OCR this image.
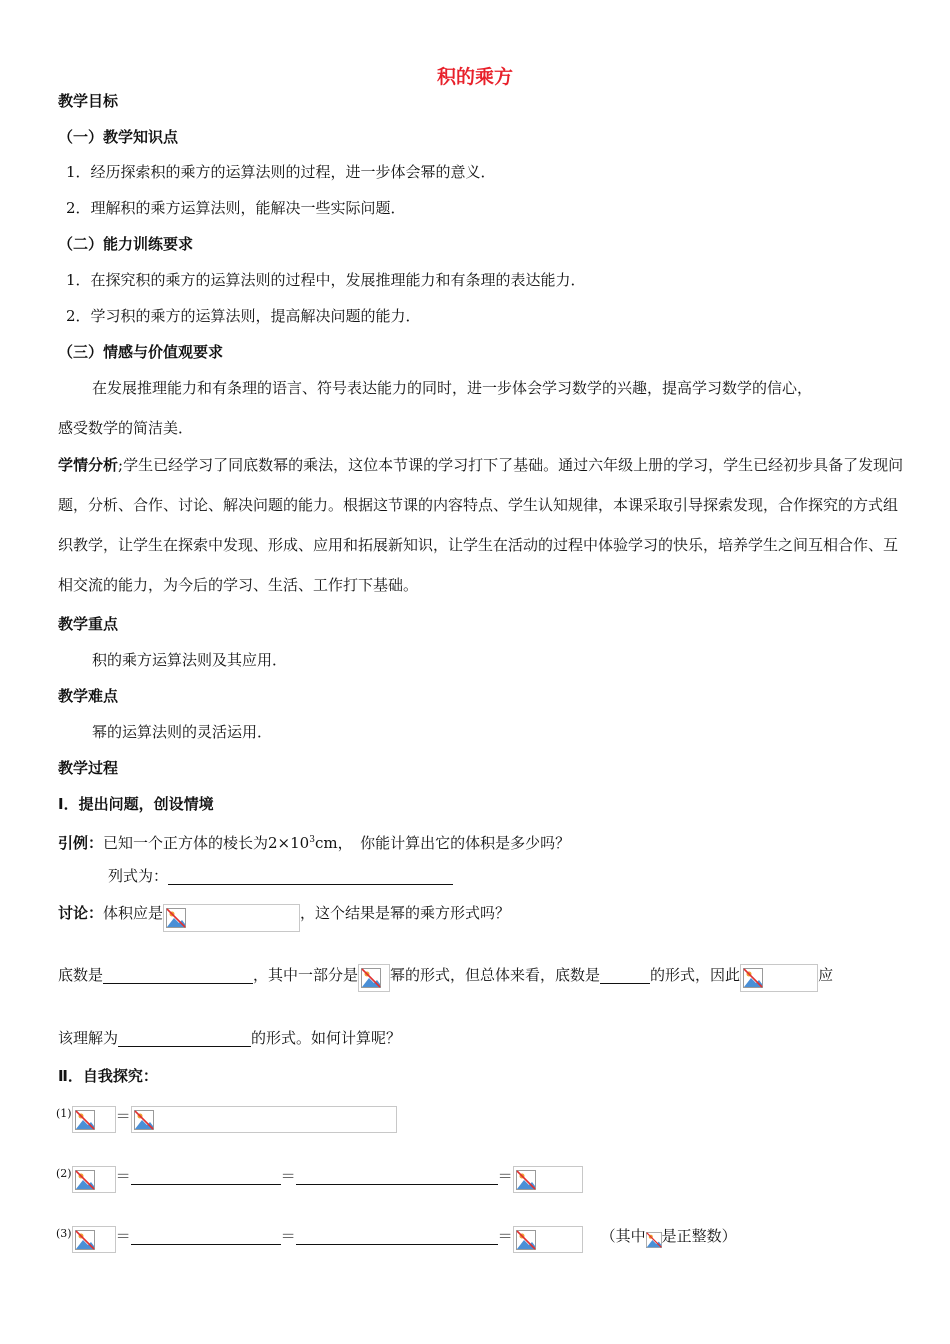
积的乘方
教学目标
（一）教学知识点
1．经历探索积的乘方的运算法则的过程，进一步体会幂的意义．
2．理解积的乘方运算法则，能解决一些实际问题．
（二）能力训练要求
1．在探究积的乘方的运算法则的过程中，发展推理能力和有条理的表达能力．
2．学习积的乘方的运算法则，提高解决问题的能力．
（三）情感与价值观要求
在发展推理能力和有条理的语言、符号表达能力的同时，进一步体会学习数学的兴趣，提高学习数学的信心，
感受数学的简洁美．
学情分析;学生已经学习了同底数幂的乘法，这位本节课的学习打下了基础。通过六年级上册的学习，学生已经初步具备了发现问题，分析、合作、讨论、解决问题的能力。根据这节课的内容特点、学生认知规律，本课采取引导探索发现，合作探究的方式组织教学，让学生在探索中发现、形成、应用和拓展新知识，让学生在活动的过程中体验学习的快乐，培养学生之间互相合作、互相交流的能力，为今后的学习、生活、工作打下基础。
教学重点
积的乘方运算法则及其应用．
教学难点
幂的运算法则的灵活运用．
教学过程
Ⅰ．提出问题，创设情境
引例：已知一个正方体的棱长为$2\times 10^3cm$，　你能计算出它的体积是多少吗？
列式为：
讨论：体积应是	，这个结果是幂的乘方形式吗？
底数是	，其中一部分是 幂的形式，但总体来看，底数是	的形式，因此	应
该理解为	的形式。如何计算呢？
Ⅱ．自我探究：
$^{(1)}$	＝
$^{(2)}$	＝	＝	＝
$^{(3)}$	＝	＝	＝	（其中 是正整数）
